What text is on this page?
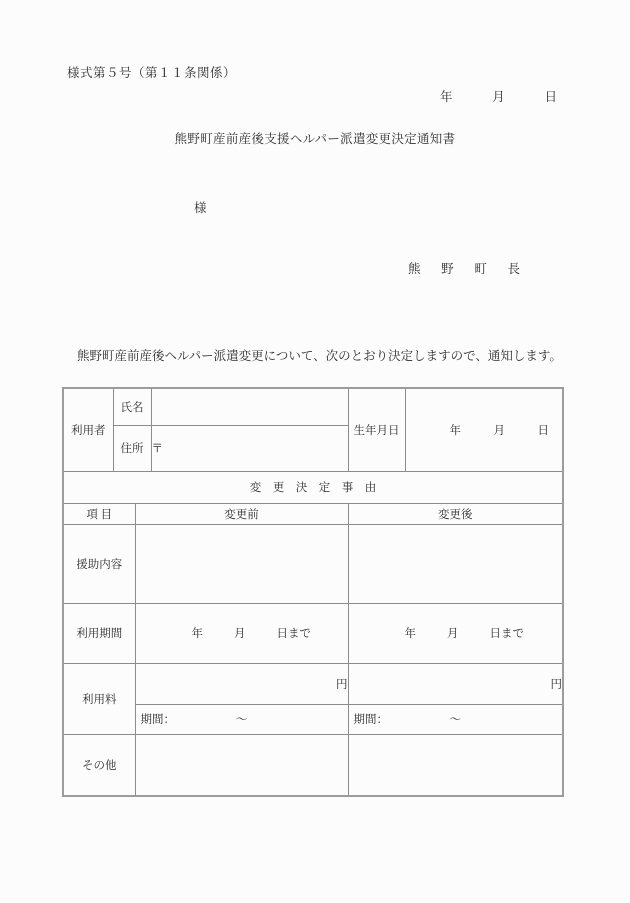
様式第５号（第１１条関係）
年	月	日
熊野町産前産後支援ヘルパー派遣変更決定通知書
様
熊 野 町 長
熊野町産前産後ヘルパー派遣変更について、次のとおり決定しますので、通知します。
利用者	氏名			生年月日	年 月 日

	住所		〒		
変　更　決　定　事　由					
項 目		変更前		変更後	
援助内容					
利用期間		年 月 日まで		年 月 日まで	

利用料		円		円	

		期間： 〜		期間： 〜	
その他					
